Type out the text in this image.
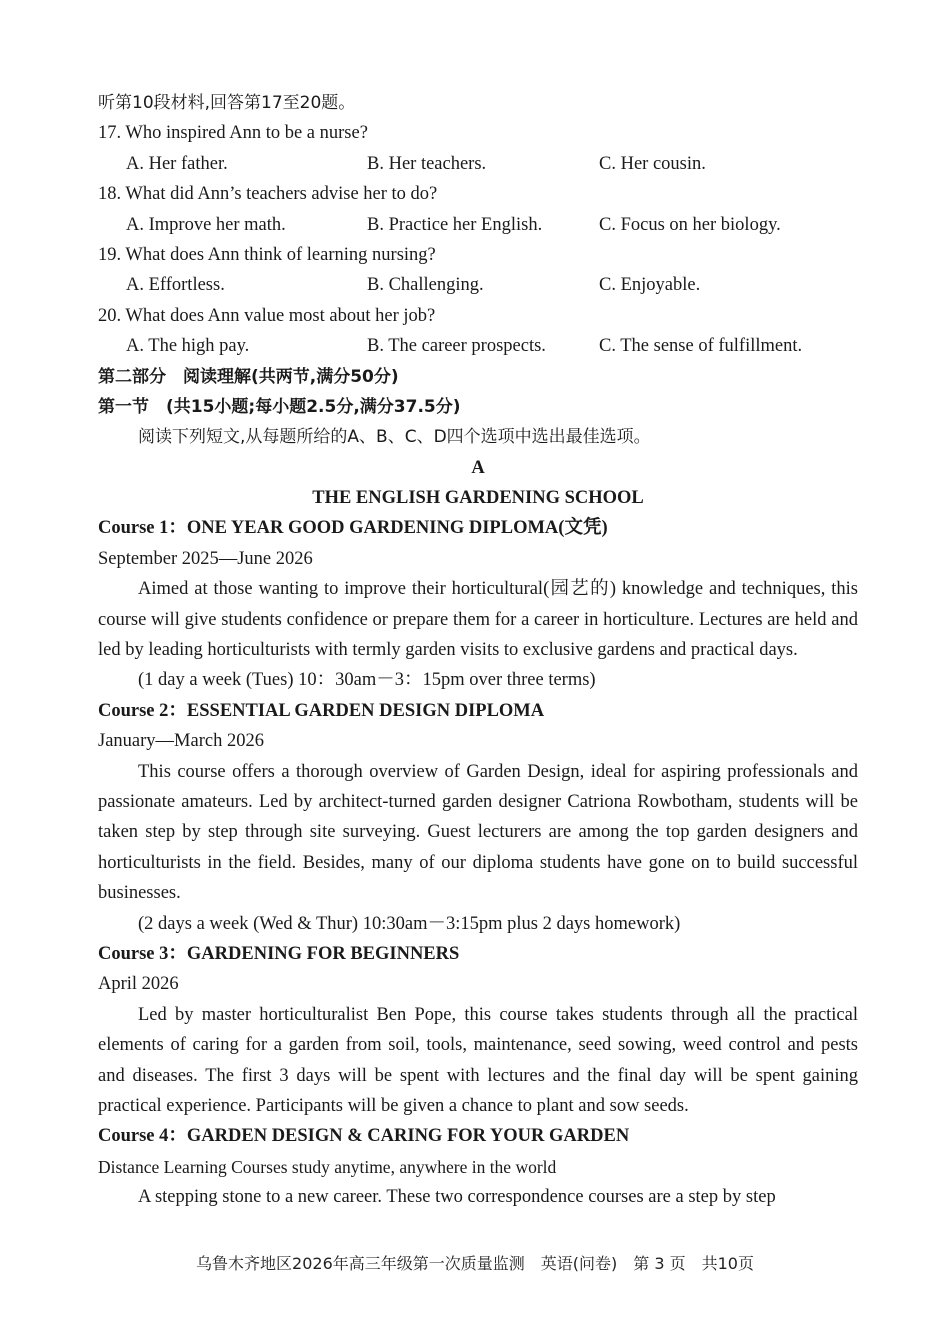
听第10段材料,回答第17至20题。
17. Who inspired Ann to be a nurse?
A. Her father.	B. Her teachers.	C. Her cousin.
18. What did Ann’s teachers advise her to do?
A. Improve her math.	B. Practice her English.	C. Focus on her biology.
19. What does Ann think of learning nursing?
A. Effortless.	B. Challenging.	C. Enjoyable.
20. What does Ann value most about her job?
A. The high pay.	B. The career prospects.	C. The sense of fulfillment.
第二部分　阅读理解(共两节,满分50分)
第一节　(共15小题;每小题2.5分,满分37.5分)
阅读下列短文,从每题所给的A、B、C、D四个选项中选出最佳选项。
A
THE ENGLISH GARDENING SCHOOL
Course 1：ONE YEAR GOOD GARDENING DIPLOMA(文凭)
September 2025—June 2026
Aimed at those wanting to improve their horticultural(园艺的) knowledge and techniques, this course will give students confidence or prepare them for a career in horticulture. Lectures are held and led by leading horticulturists with termly garden visits to exclusive gardens and practical days.
(1 day a week (Tues) 10：30am－3：15pm over three terms)
Course 2：ESSENTIAL GARDEN DESIGN DIPLOMA
January—March 2026
This course offers a thorough overview of Garden Design, ideal for aspiring professionals and passionate amateurs. Led by architect-turned garden designer Catriona Rowbotham, students will be taken step by step through site surveying. Guest lecturers are among the top garden designers and horticulturists in the field. Besides, many of our diploma students have gone on to build successful businesses.
(2 days a week (Wed & Thur) 10:30am－3:15pm plus 2 days homework)
Course 3：GARDENING FOR BEGINNERS
April 2026
Led by master horticulturalist Ben Pope, this course takes students through all the practical elements of caring for a garden from soil, tools, maintenance, seed sowing, weed control and pests and diseases. The first 3 days will be spent with lectures and the final day will be spent gaining practical experience. Participants will be given a chance to plant and sow seeds.
Course 4：GARDEN DESIGN & CARING FOR YOUR GARDEN
Distance Learning Courses study anytime, anywhere in the world
A stepping stone to a new career. These two correspondence courses are a step by step
乌鲁木齐地区2026年高三年级第一次质量监测　英语(问卷)　第 3 页　共10页
